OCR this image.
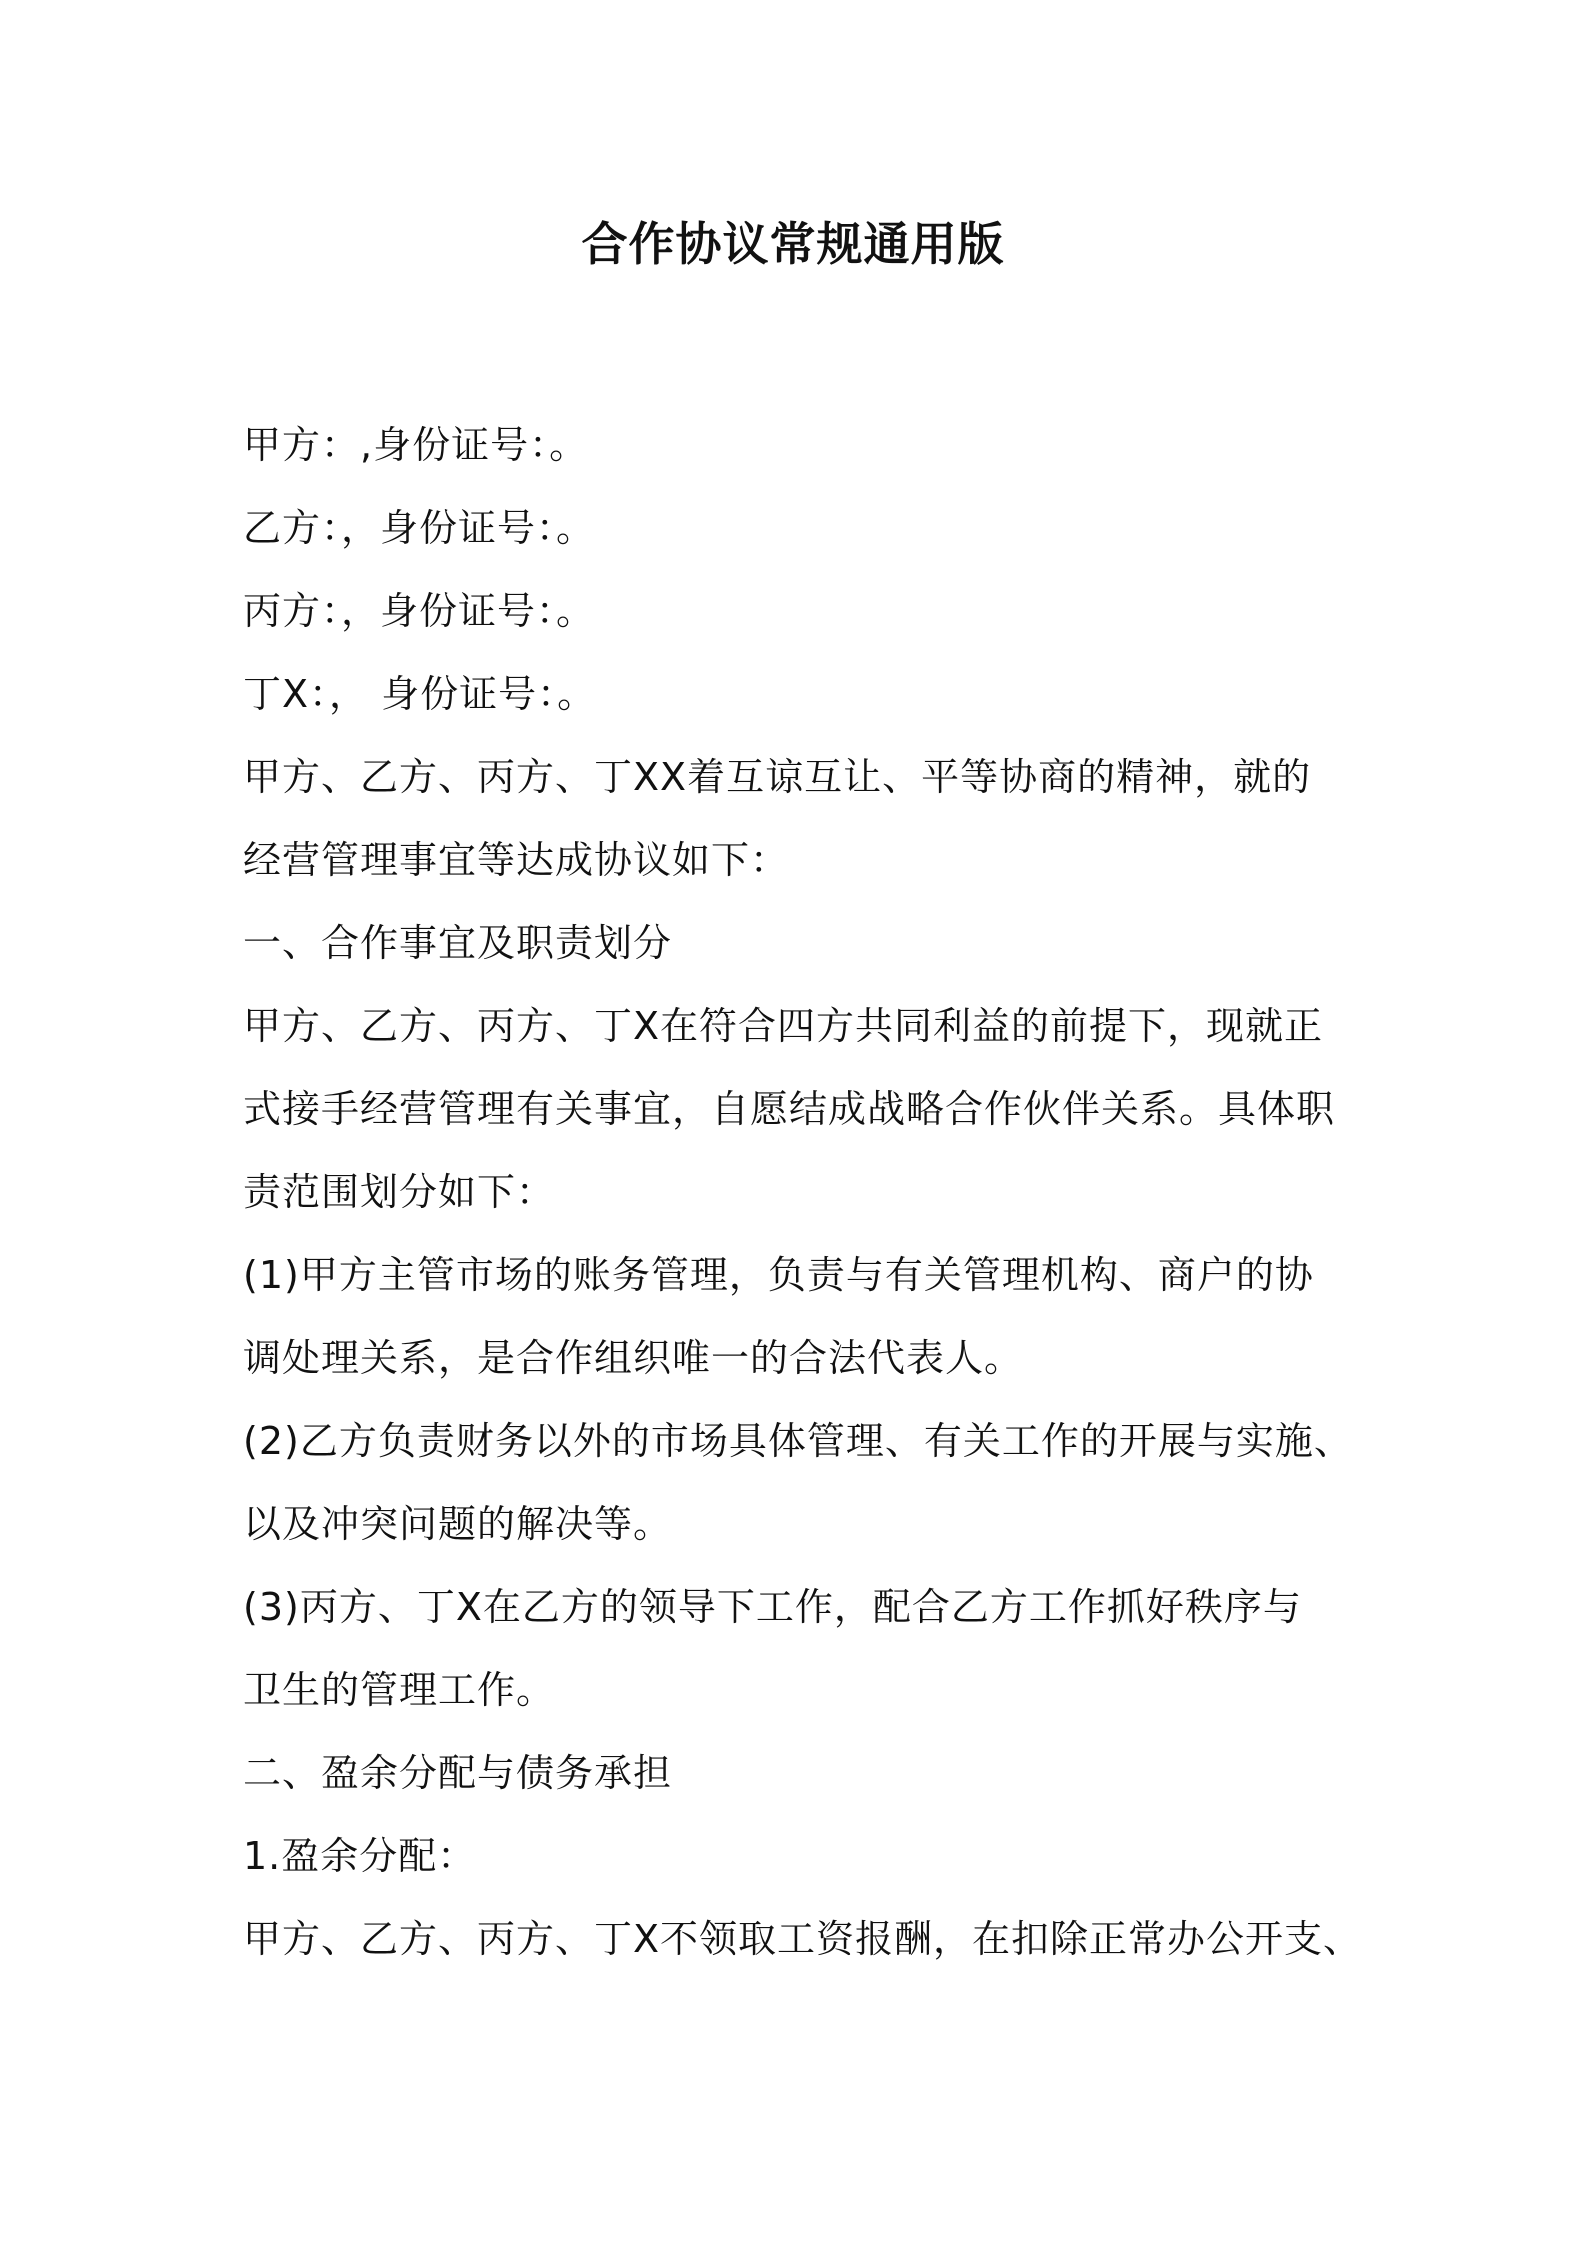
合作协议常规通用版

甲方：,身份证号：。

乙方：，身份证号：。

丙方：，身份证号：。

丁X：， 身份证号：。

甲方、乙方、丙方、丁XX着互谅互让、平等协商的精神，就的

经营管理事宜等达成协议如下：

一、合作事宜及职责划分

甲方、乙方、丙方、丁X在符合四方共同利益的前提下，现就正

式接手经营管理有关事宜，自愿结成战略合作伙伴关系。具体职

责范围划分如下：

(1)甲方主管市场的账务管理，负责与有关管理机构、商户的协

调处理关系，是合作组织唯一的合法代表人。

(2)乙方负责财务以外的市场具体管理、有关工作的开展与实施、

以及冲突问题的解决等。

(3)丙方、丁X在乙方的领导下工作，配合乙方工作抓好秩序与

卫生的管理工作。

二、盈余分配与债务承担

1.盈余分配：

甲方、乙方、丙方、丁X不领取工资报酬，在扣除正常办公开支、
